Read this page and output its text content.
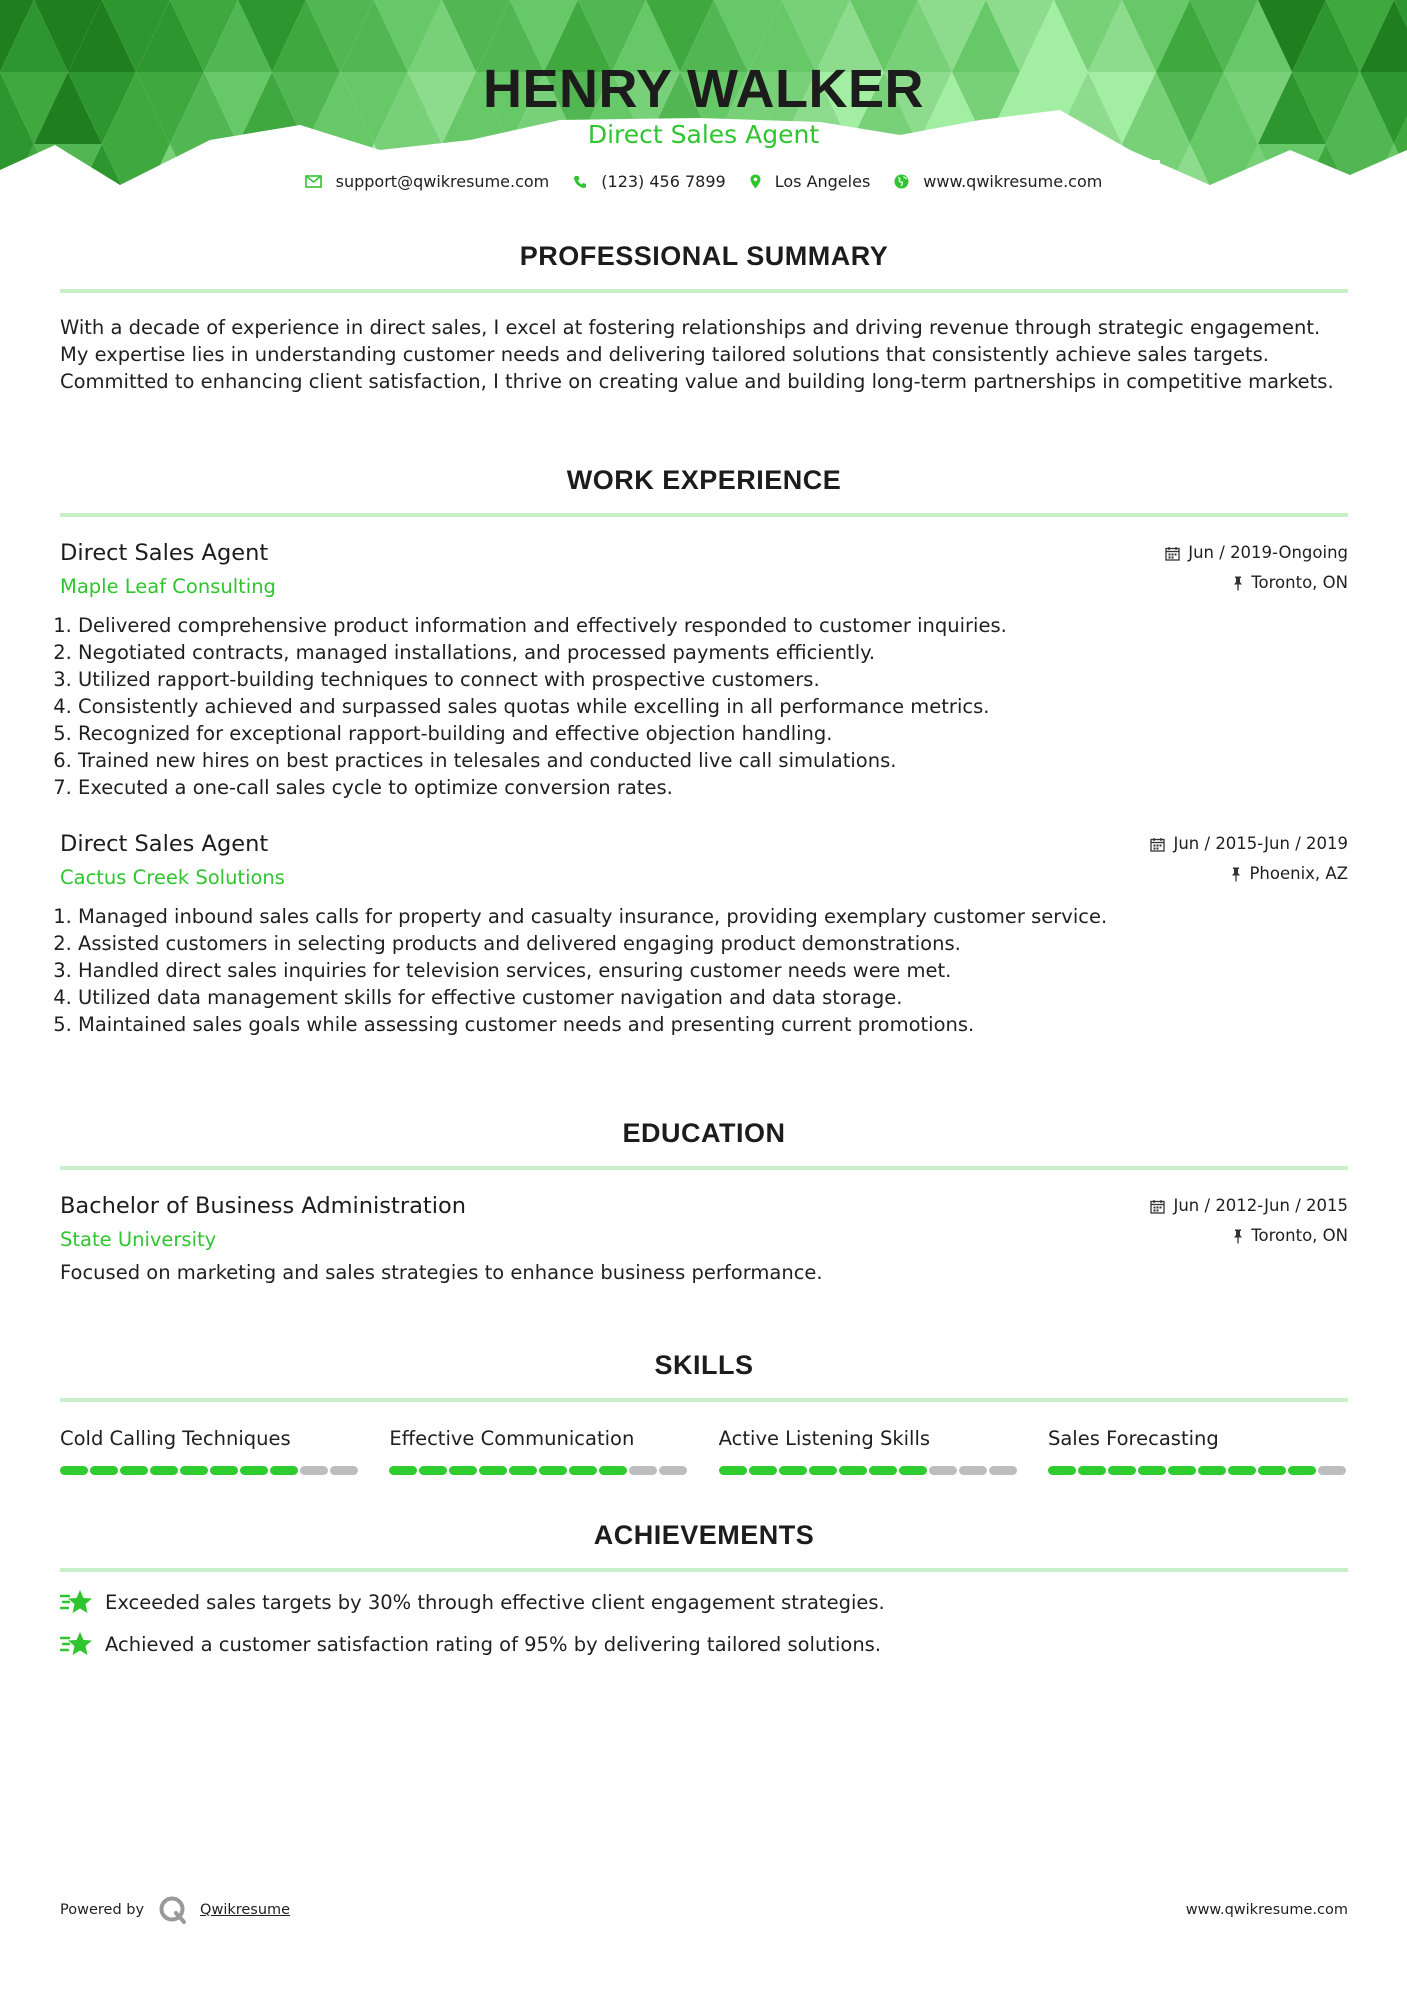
HENRY WALKER
Direct Sales Agent
support@qwikresume.com	(123) 456 7899	Los Angeles	www.qwikresume.com
PROFESSIONAL SUMMARY

With a decade of experience in direct sales, I excel at fostering relationships and driving revenue through strategic engagement. My expertise lies in understanding customer needs and delivering tailored solutions that consistently achieve sales targets. Committed to enhancing client satisfaction, I thrive on creating value and building long-term partnerships in competitive markets.

WORK EXPERIENCE
Direct Sales Agent
Maple Leaf Consulting
Jun / 2019-Ongoing
Toronto, ON
1. Delivered comprehensive product information and effectively responded to customer inquiries.
2. Negotiated contracts, managed installations, and processed payments efficiently.
3. Utilized rapport-building techniques to connect with prospective customers.
4. Consistently achieved and surpassed sales quotas while excelling in all performance metrics.
5. Recognized for exceptional rapport-building and effective objection handling.
6. Trained new hires on best practices in telesales and conducted live call simulations.
7. Executed a one-call sales cycle to optimize conversion rates.
Direct Sales Agent
Cactus Creek Solutions
Jun / 2015-Jun / 2019
Phoenix, AZ
1. Managed inbound sales calls for property and casualty insurance, providing exemplary customer service.
2. Assisted customers in selecting products and delivered engaging product demonstrations.
3. Handled direct sales inquiries for television services, ensuring customer needs were met.
4. Utilized data management skills for effective customer navigation and data storage.
5. Maintained sales goals while assessing customer needs and presenting current promotions.
EDUCATION
Bachelor of Business Administration
State University
Jun / 2012-Jun / 2015
Toronto, ON

Focused on marketing and sales strategies to enhance business performance.

SKILLS
Cold Calling Techniques	Effective Communication	Active Listening Skills	Sales Forecasting
ACHIEVEMENTS
Exceeded sales targets by 30% through effective client engagement strategies.
Achieved a customer satisfaction rating of 95% by delivering tailored solutions.
Powered by	Qwikresume	www.qwikresume.com
